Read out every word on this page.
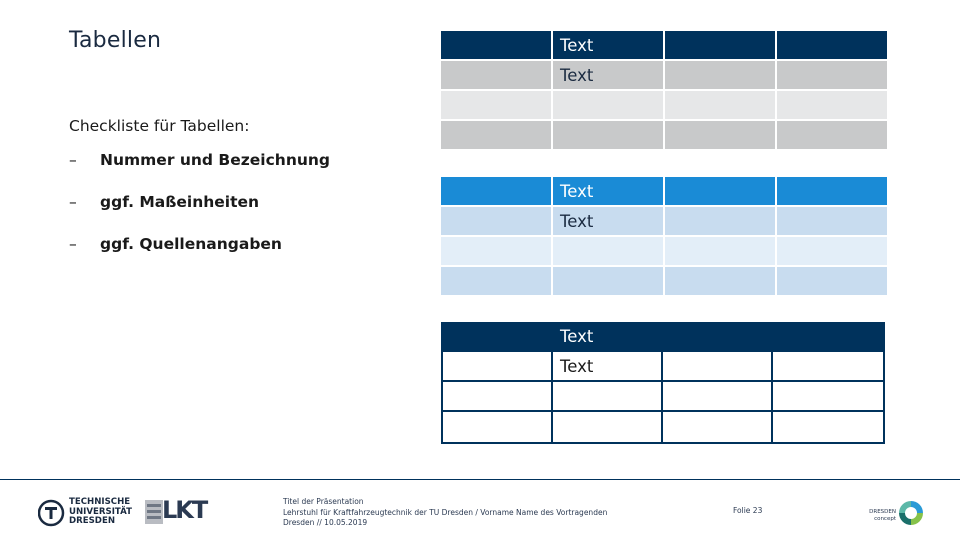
Tabellen
Checkliste für Tabellen:
– Nummer und Bezeichnung
– ggf. Maßeinheiten
– ggf. Quellenangaben
	Text		
	Text		

	Text		
	Text		

	Text		
	Text		

TECHNISCHE
UNIVERSITÄT
DRESDEN	LKT	Titel der Präsentation
Lehrstuhl für Kraftfahrzeugtechnik der TU Dresden / Vorname Name des Vortragenden
Dresden // 10.05.2019
Folie 23	DRESDEN
concept
